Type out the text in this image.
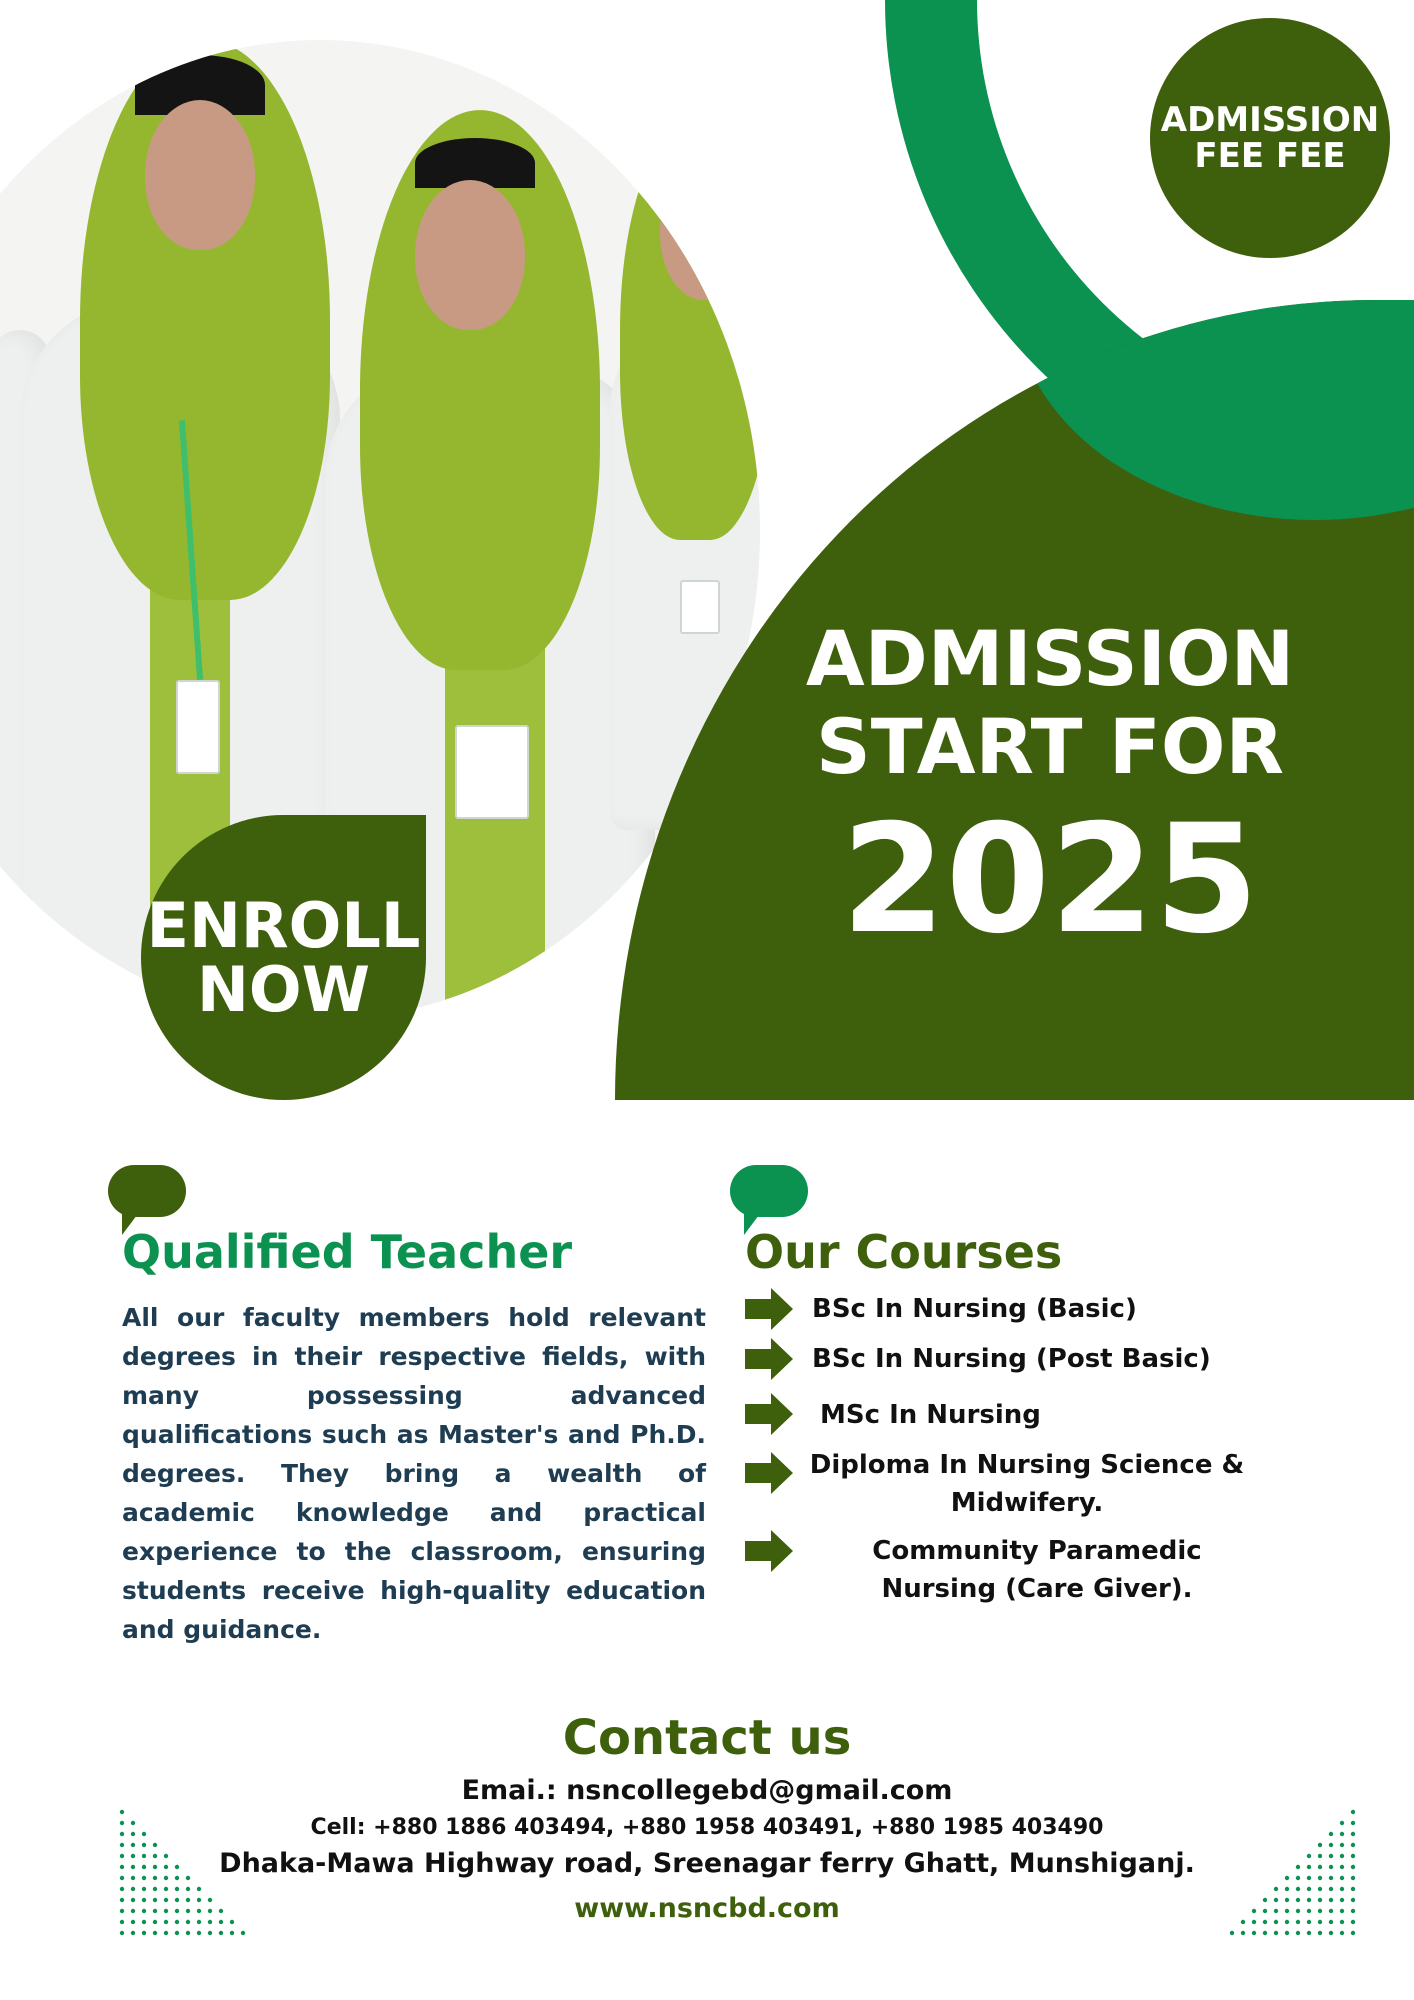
ADMISSION
FEE FEE
ADMISSION
START FOR
2025
ENROLL
NOW
Qualified Teacher
All our faculty members hold relevant degrees in their respective fields, with many possessing advanced qualifications such as Master's and Ph.D. degrees. They bring a wealth of academic knowledge and practical experience to the classroom, ensuring students receive high-quality education and guidance.
Our Courses
BSc In Nursing (Basic)
BSc In Nursing (Post Basic)
MSc In Nursing
Diploma In Nursing Science & Midwifery.
Community Paramedic Nursing (Care Giver).
Contact us
Emai.: nsncollegebd@gmail.com
Cell: +880 1886 403494, +880 1958 403491, +880 1985 403490
Dhaka-Mawa Highway road, Sreenagar ferry Ghatt, Munshiganj.
www.nsncbd.com
